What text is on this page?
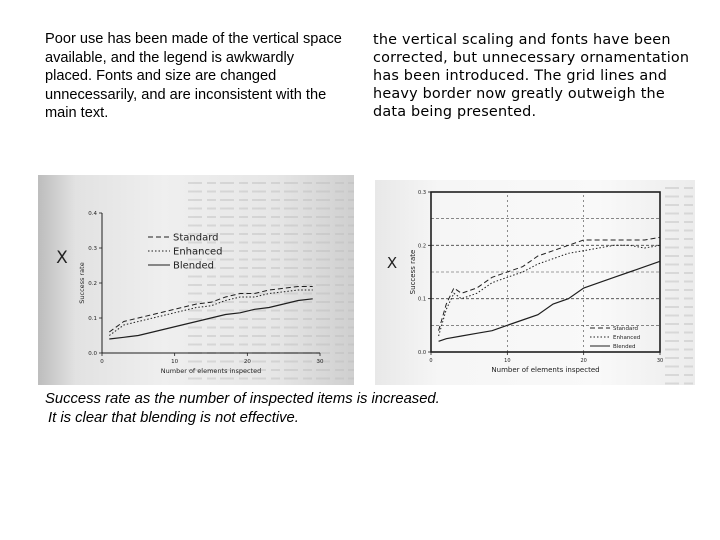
Poor use has been made of the vertical space available, and the legend is awkwardly placed. Fonts and size are changed unnecessarily, and are inconsistent with the main text.

the vertical scaling and fonts have been corrected, but unnecessary ornamentation has been introduced. The grid lines and heavy border now greatly outweigh the data being presented.

0.0
0.1
0.2
0.3
0.4
0	10	20	30
Number of elements inspected
Success rate
X
Standard
Enhanced
Blended
0.0
0.1
0.2
0.3
0	10	20	30
Number of elements inspected
Success rate
X
Standard
Enhanced
Blended
Success rate as the number of inspected items is increased.
It is clear that blending is not effective.
